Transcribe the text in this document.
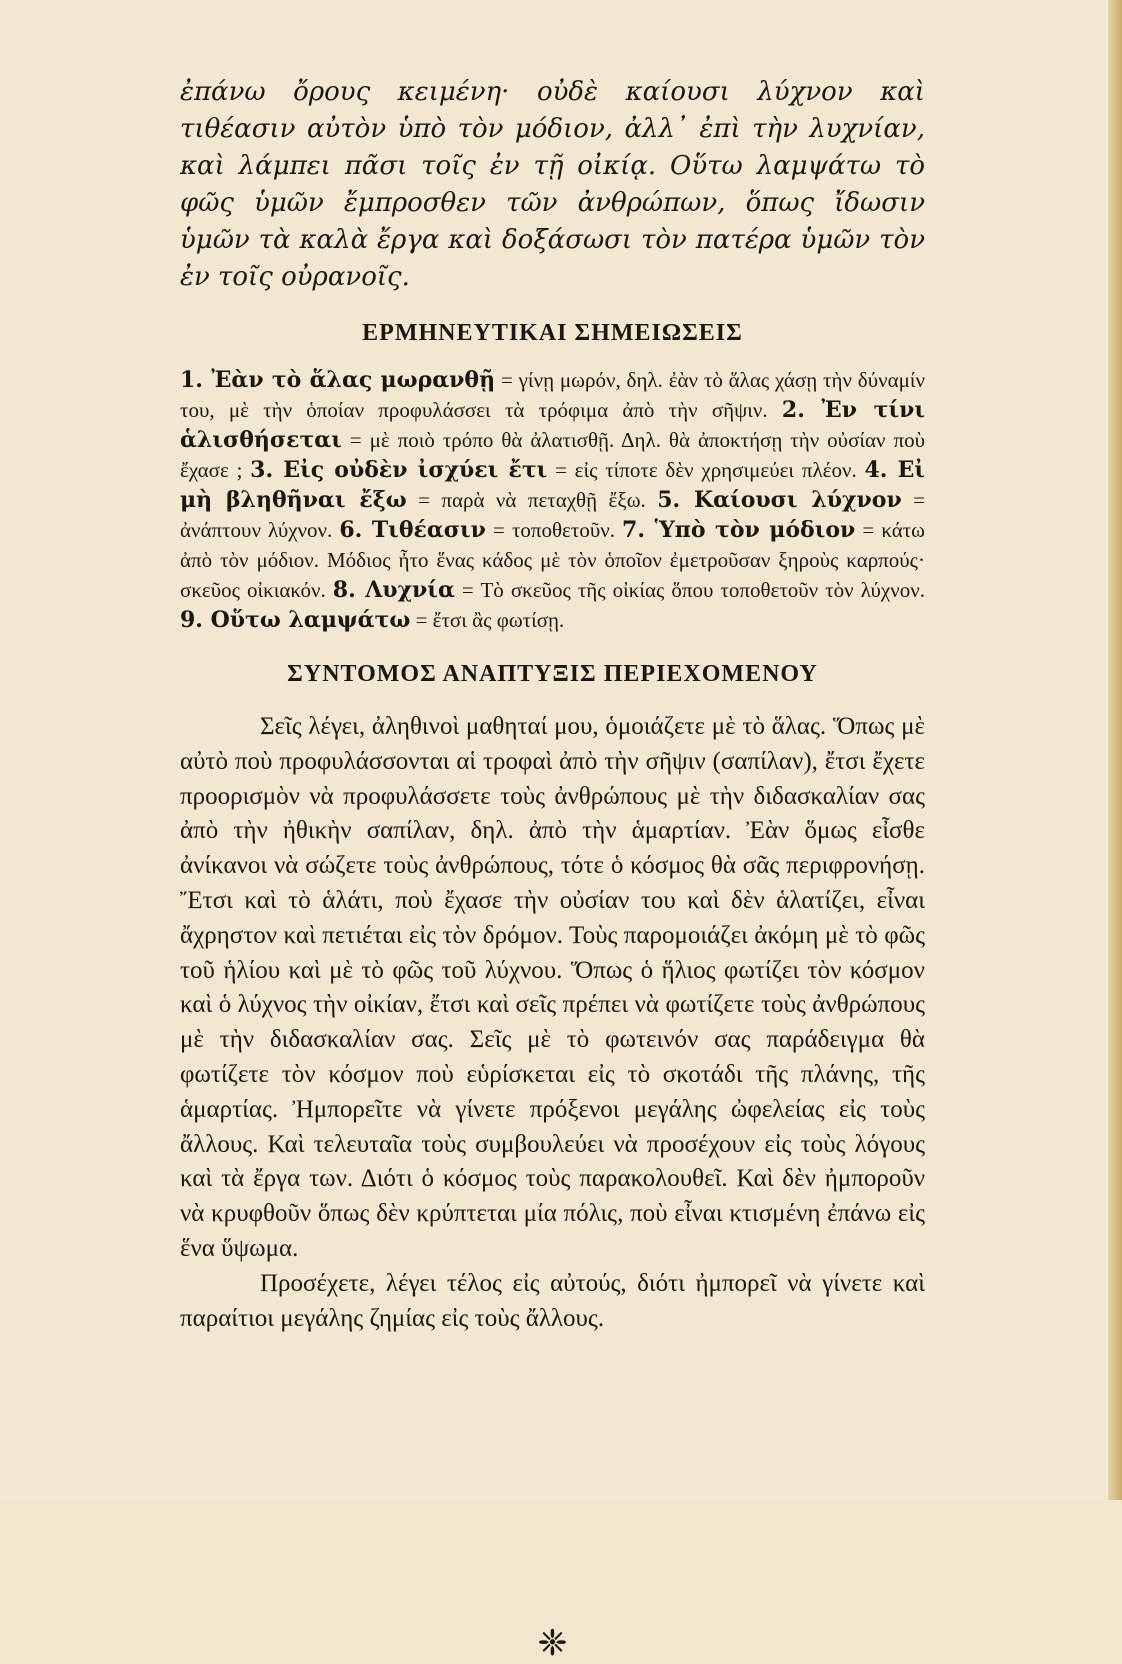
ἐπάνω ὄρους κειμένη· οὐδὲ καίουσι λύχνον καὶ τιθέασιν αὐτὸν ὑπὸ τὸν μόδιον, ἀλλ᾽ ἐπὶ τὴν λυχνίαν, καὶ λάμπει πᾶσι τοῖς ἐν τῇ οἰκίᾳ. Οὕτω λαμψάτω τὸ φῶς ὑμῶν ἔμπροσθεν τῶν ἀνθρώπων, ὅπως ἴδωσιν ὑμῶν τὰ καλὰ ἔργα καὶ δοξάσωσι τὸν πατέρα ὑμῶν τὸν ἐν τοῖς οὐρανοῖς.

ΕΡΜΗΝΕΥΤΙΚΑΙ ΣΗΜΕΙΩΣΕΙΣ

1. Ἐὰν τὸ ἅλας μωρανθῇ = γίνῃ μωρόν, δηλ. ἐὰν τὸ ἅλας χάσῃ τὴν δύναμίν του, μὲ τὴν ὁποίαν προφυλάσσει τὰ τρόφιμα ἀπὸ τὴν σῆψιν. 2. Ἐν τίνι ἁλισθήσεται = μὲ ποιὸ τρόπο θὰ ἀλατισθῇ. Δηλ. θὰ ἀποκτήσῃ τὴν οὐσίαν ποὺ ἔχασε ; 3. Εἰς οὐδὲν ἰσχύει ἔτι = εἰς τίποτε δὲν χρησιμεύει πλέον. 4. Εἰ μὴ βληθῆναι ἔξω = παρὰ νὰ πεταχθῇ ἔξω. 5. Καίουσι λύχνον = ἀνάπτουν λύχνον. 6. Τιθέασιν = τοποθετοῦν. 7. Ὑπὸ τὸν μόδιον = κάτω ἀπὸ τὸν μόδιον. Μόδιος ἦτο ἕνας κάδος μὲ τὸν ὁποῖον ἐμετροῦσαν ξηροὺς καρπούς· σκεῦος οἰκιακόν. 8. Λυχνία = Τὸ σκεῦος τῆς οἰκίας ὅπου τοποθετοῦν τὸν λύχνον. 9. Οὕτω λαμψάτω = ἔτσι ἂς φωτίσῃ.

ΣΥΝΤΟΜΟΣ ΑΝΑΠΤΥΞΙΣ ΠΕΡΙΕΧΟΜΕΝΟΥ

Σεῖς λέγει, ἀληθινοὶ μαθηταί μου, ὁμοιάζετε μὲ τὸ ἅλας. Ὅπως μὲ αὐτὸ ποὺ προφυλάσσονται αἱ τροφαὶ ἀπὸ τὴν σῆψιν (σαπίλαν), ἔτσι ἔχετε προορισμὸν νὰ προφυλάσσετε τοὺς ἀνθρώπους μὲ τὴν διδασκαλίαν σας ἀπὸ τὴν ἠθικὴν σαπίλαν, δηλ. ἀπὸ τὴν ἁμαρτίαν. Ἐὰν ὅμως εἶσθε ἀνίκανοι νὰ σώζετε τοὺς ἀνθρώπους, τότε ὁ κόσμος θὰ σᾶς περιφρονήσῃ. Ἔτσι καὶ τὸ ἁλάτι, ποὺ ἔχασε τὴν οὐσίαν του καὶ δὲν ἁλατίζει, εἶναι ἄχρηστον καὶ πετιέται εἰς τὸν δρόμον. Τοὺς παρομοιάζει ἀκόμη μὲ τὸ φῶς τοῦ ἡλίου καὶ μὲ τὸ φῶς τοῦ λύχνου. Ὅπως ὁ ἥλιος φωτίζει τὸν κόσμον καὶ ὁ λύχνος τὴν οἰκίαν, ἔτσι καὶ σεῖς πρέπει νὰ φωτίζετε τοὺς ἀνθρώπους μὲ τὴν διδασκαλίαν σας. Σεῖς μὲ τὸ φωτεινόν σας παράδειγμα θὰ φωτίζετε τὸν κόσμον ποὺ εὑρίσκεται εἰς τὸ σκοτάδι τῆς πλάνης, τῆς ἁμαρτίας. Ἠμπορεῖτε νὰ γίνετε πρόξενοι μεγάλης ὠφελείας εἰς τοὺς ἄλλους. Καὶ τελευταῖα τοὺς συμβουλεύει νὰ προσέχουν εἰς τοὺς λόγους καὶ τὰ ἔργα των. Διότι ὁ κόσμος τοὺς παρακολουθεῖ. Καὶ δὲν ἠμποροῦν νὰ κρυφθοῦν ὅπως δὲν κρύπτεται μία πόλις, ποὺ εἶναι κτισμένη ἐπάνω εἰς ἕνα ὕψωμα.

Προσέχετε, λέγει τέλος εἰς αὐτούς, διότι ἠμπορεῖ νὰ γίνετε καὶ παραίτιοι μεγάλης ζημίας εἰς τοὺς ἄλλους.

❈
